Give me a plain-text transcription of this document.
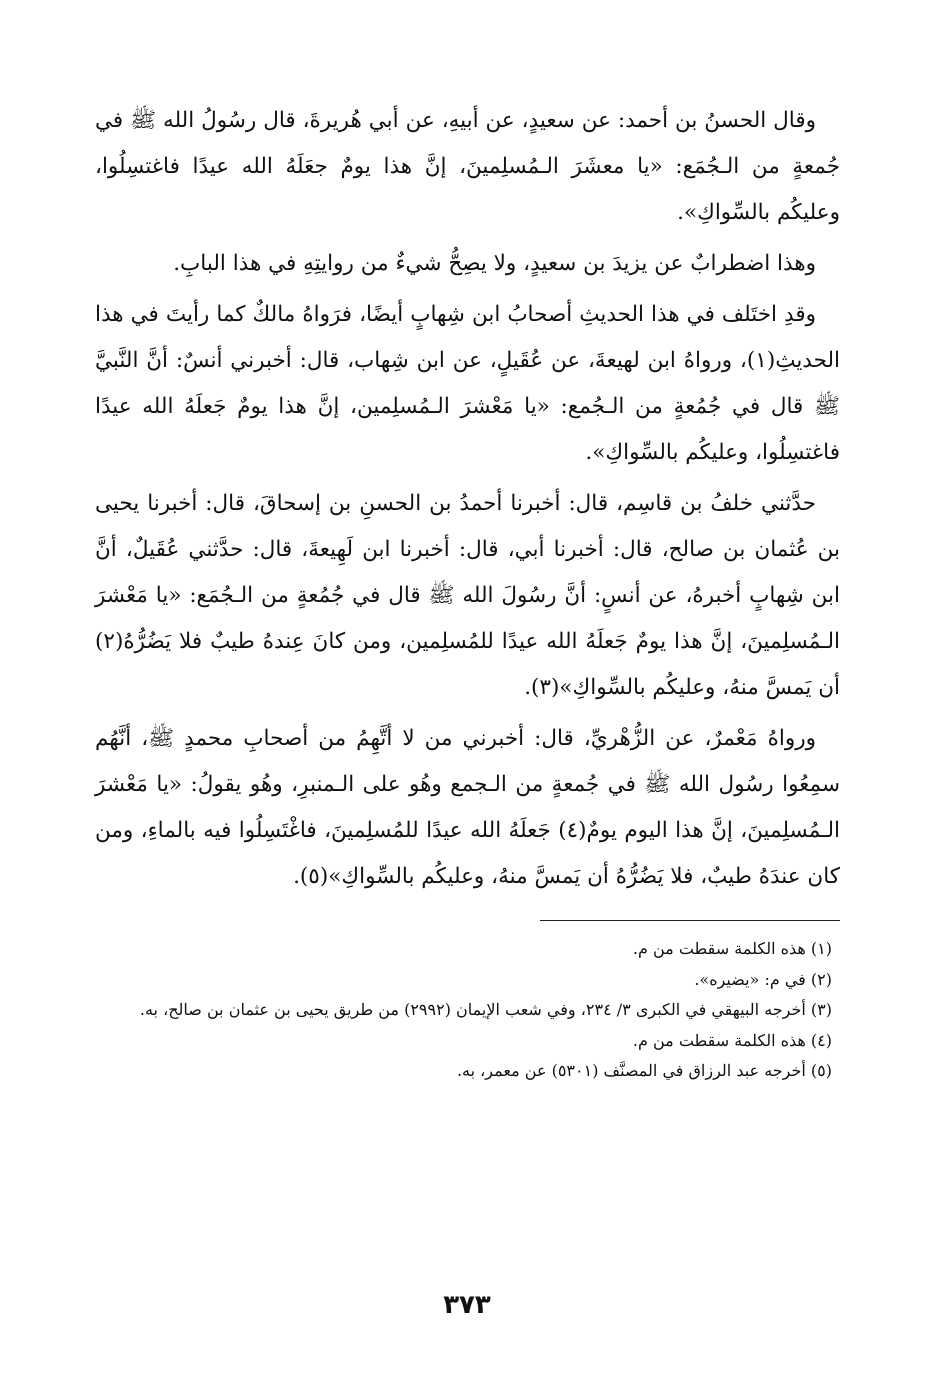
وقال الحسنُ بن أحمد: عن سعيدٍ، عن أبيهِ، عن أبي هُريرةَ، قال رسُولُ الله ﷺ في جُمعةٍ من الـجُمَع: «يا معشَرَ الـمُسلِمينَ، إنَّ هذا يومٌ جعَلَهُ الله عيدًا فاغتسِلُوا، وعليكُم بالسِّواكِ».

وهذا اضطرابٌ عن يزيدَ بن سعيدٍ، ولا يصِحُّ شيءٌ من روايتِهِ في هذا البابِ.

وقدِ اختَلف في هذا الحديثِ أصحابُ ابن شِهابٍ أيضًا، فرَواهُ مالكٌ كما رأيتَ في هذا الحديثِ(١)، ورواهُ ابن لهيعةَ، عن عُقَيلٍ، عن ابن شِهاب، قال: أخبرني أنسٌ: أنَّ النَّبيَّ ﷺ قال في جُمُعةٍ من الـجُمع: «يا مَعْشرَ الـمُسلِمين، إنَّ هذا يومٌ جَعلَهُ الله عيدًا فاغتسِلُوا، وعليكُم بالسِّواكِ».

حدَّثني خلفُ بن قاسِم، قال: أخبرنا أحمدُ بن الحسنِ بن إسحاقَ، قال: أخبرنا يحيى بن عُثمان بن صالح، قال: أخبرنا أبي، قال: أخبرنا ابن لَهِيعةَ، قال: حدَّثني عُقَيلٌ، أنَّ ابن شِهابٍ أخبرهُ، عن أنسٍ: أنَّ رسُولَ الله ﷺ قال في جُمُعةٍ من الـجُمَع: «يا مَعْشرَ الـمُسلِمينَ، إنَّ هذا يومٌ جَعلَهُ الله عيدًا للمُسلِمين، ومن كانَ عِندهُ طيبٌ فلا يَضُرُّهُ(٢) أن يَمسَّ منهُ، وعليكُم بالسِّواكِ»(٣).

ورواهُ مَعْمرٌ، عن الزُّهْريِّ، قال: أخبرني من لا أتَّهِمُ من أصحابِ محمدٍ ﷺ، أنَّهُم سمِعُوا رسُول الله ﷺ في جُمعةٍ من الـجمع وهُو على الـمنبرِ، وهُو يقولُ: «يا مَعْشرَ الـمُسلِمينَ، إنَّ هذا اليوم يومٌ(٤) جَعلَهُ الله عيدًا للمُسلِمينَ، فاغْتَسِلُوا فيه بالماءِ، ومن كان عندَهُ طيبٌ، فلا يَضُرُّهُ أن يَمسَّ منهُ، وعليكُم بالسِّواكِ»(٥).

(١) هذه الكلمة سقطت من م.

(٢) في م: «يضيره».

(٣) أخرجه البيهقي في الكبرى ٣/ ٢٣٤، وفي شعب الإيمان (٢٩٩٢) من طريق يحيى بن عثمان بن صالح، به.

(٤) هذه الكلمة سقطت من م.

(٥) أخرجه عبد الرزاق في المصنَّف (٥٣٠١) عن معمر، به.

٣٧٣
